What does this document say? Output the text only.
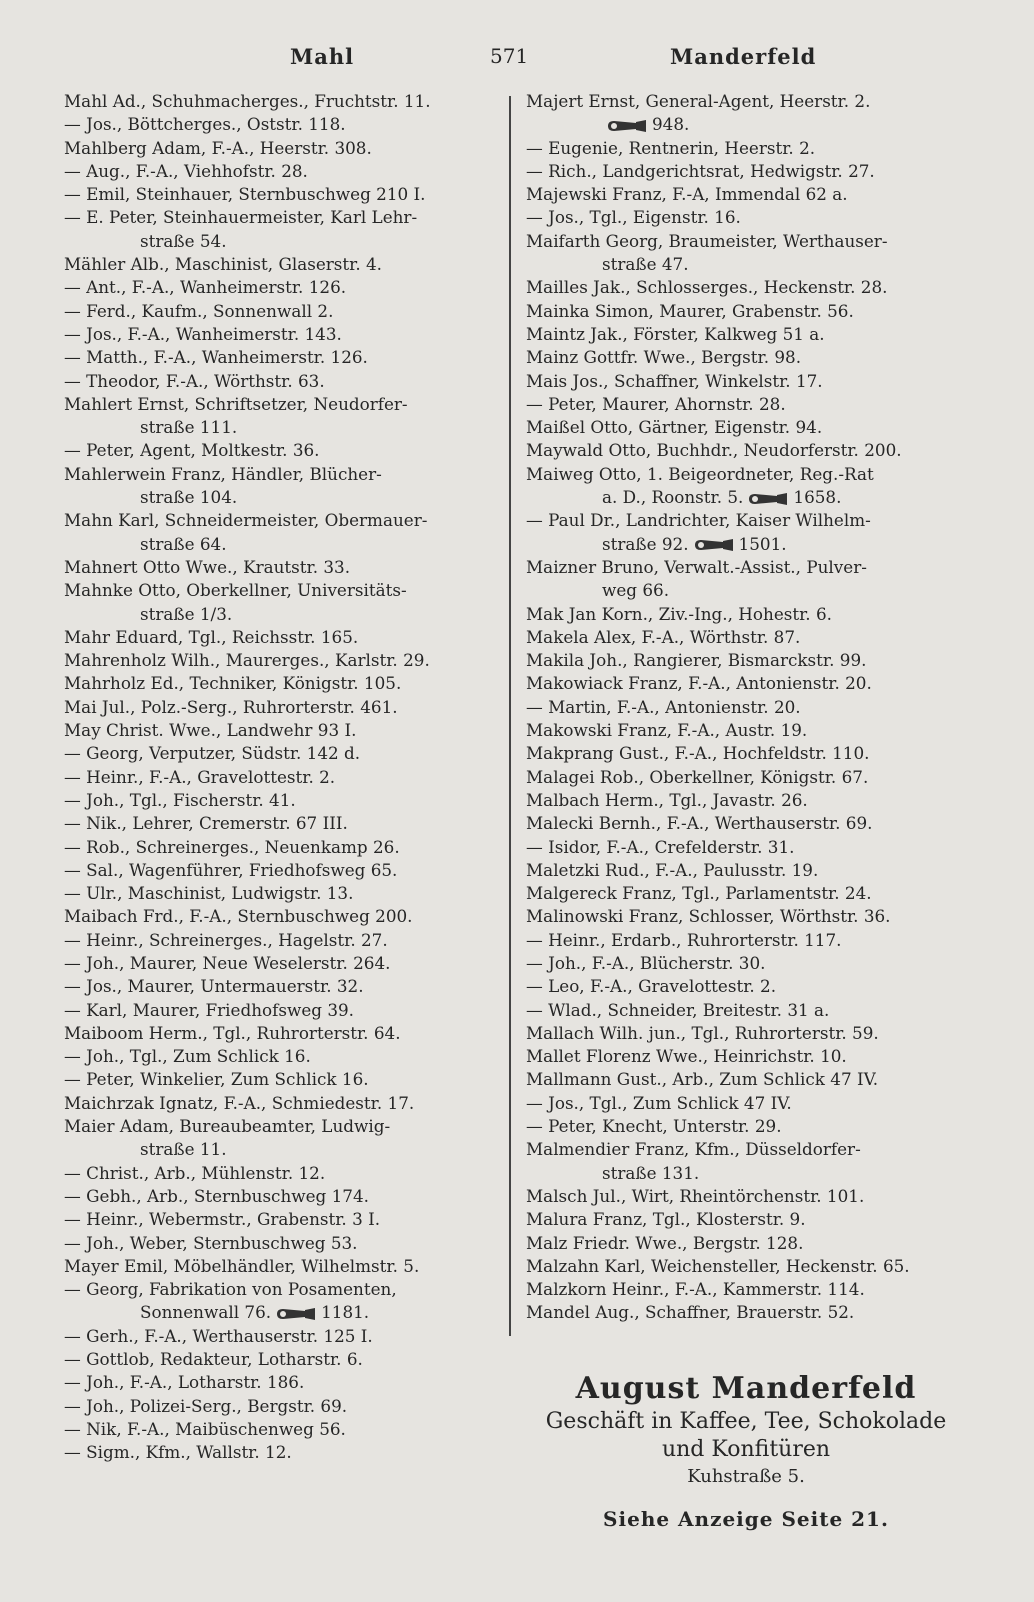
Mahl	571	Manderfeld
Mahl Ad., Schuhmacherges., Fruchtstr. 11.
— Jos., Böttcherges., Oststr. 118.
Mahlberg Adam, F.-A., Heerstr. 308.
— Aug., F.-A., Viehhofstr. 28.
— Emil, Steinhauer, Sternbuschweg 210 I.
— E. Peter, Steinhauermeister, Karl Lehr-
straße 54.
Mähler Alb., Maschinist, Glaserstr. 4.
— Ant., F.-A., Wanheimerstr. 126.
— Ferd., Kaufm., Sonnenwall 2.
— Jos., F.-A., Wanheimerstr. 143.
— Matth., F.-A., Wanheimerstr. 126.
— Theodor, F.-A., Wörthstr. 63.
Mahlert Ernst, Schriftsetzer, Neudorfer-
straße 111.
— Peter, Agent, Moltkestr. 36.
Mahlerwein Franz, Händler, Blücher-
straße 104.
Mahn Karl, Schneidermeister, Obermauer-
straße 64.
Mahnert Otto Wwe., Krautstr. 33.
Mahnke Otto, Oberkellner, Universitäts-
straße 1/3.
Mahr Eduard, Tgl., Reichsstr. 165.
Mahrenholz Wilh., Maurerges., Karlstr. 29.
Mahrholz Ed., Techniker, Königstr. 105.
Mai Jul., Polz.-Serg., Ruhrorterstr. 461.
May Christ. Wwe., Landwehr 93 I.
— Georg, Verputzer, Südstr. 142 d.
— Heinr., F.-A., Gravelottestr. 2.
— Joh., Tgl., Fischerstr. 41.
— Nik., Lehrer, Cremerstr. 67 III.
— Rob., Schreinerges., Neuenkamp 26.
— Sal., Wagenführer, Friedhofsweg 65.
— Ulr., Maschinist, Ludwigstr. 13.
Maibach Frd., F.-A., Sternbuschweg 200.
— Heinr., Schreinerges., Hagelstr. 27.
— Joh., Maurer, Neue Weselerstr. 264.
— Jos., Maurer, Untermauerstr. 32.
— Karl, Maurer, Friedhofsweg 39.
Maiboom Herm., Tgl., Ruhrorterstr. 64.
— Joh., Tgl., Zum Schlick 16.
— Peter, Winkelier, Zum Schlick 16.
Maichrzak Ignatz, F.-A., Schmiedestr. 17.
Maier Adam, Bureaubeamter, Ludwig-
straße 11.
— Christ., Arb., Mühlenstr. 12.
— Gebh., Arb., Sternbuschweg 174.
— Heinr., Webermstr., Grabenstr. 3 I.
— Joh., Weber, Sternbuschweg 53.
Mayer Emil, Möbelhändler, Wilhelmstr. 5.
— Georg, Fabrikation von Posamenten,
Sonnenwall 76.	1181.
— Gerh., F.-A., Werthauserstr. 125 I.
— Gottlob, Redakteur, Lotharstr. 6.
— Joh., F.-A., Lotharstr. 186.
— Joh., Polizei-Serg., Bergstr. 69.
— Nik, F.-A., Maibüschenweg 56.
— Sigm., Kfm., Wallstr. 12.
Majert Ernst, General-Agent, Heerstr. 2.
948.
— Eugenie, Rentnerin, Heerstr. 2.
— Rich., Landgerichtsrat, Hedwigstr. 27.
Majewski Franz, F.-A, Immendal 62 a.
— Jos., Tgl., Eigenstr. 16.
Maifarth Georg, Braumeister, Werthauser-
straße 47.
Mailles Jak., Schlosserges., Heckenstr. 28.
Mainka Simon, Maurer, Grabenstr. 56.
Maintz Jak., Förster, Kalkweg 51 a.
Mainz Gottfr. Wwe., Bergstr. 98.
Mais Jos., Schaffner, Winkelstr. 17.
— Peter, Maurer, Ahornstr. 28.
Maißel Otto, Gärtner, Eigenstr. 94.
Maywald Otto, Buchhdr., Neudorferstr. 200.
Maiweg Otto, 1. Beigeordneter, Reg.-Rat
a. D., Roonstr. 5.	1658.
— Paul Dr., Landrichter, Kaiser Wilhelm-
straße 92.	1501.
Maizner Bruno, Verwalt.-Assist., Pulver-
weg 66.
Mak Jan Korn., Ziv.-Ing., Hohestr. 6.
Makela Alex, F.-A., Wörthstr. 87.
Makila Joh., Rangierer, Bismarckstr. 99.
Makowiack Franz, F.-A., Antonienstr. 20.
— Martin, F.-A., Antonienstr. 20.
Makowski Franz, F.-A., Austr. 19.
Makprang Gust., F.-A., Hochfeldstr. 110.
Malagei Rob., Oberkellner, Königstr. 67.
Malbach Herm., Tgl., Javastr. 26.
Malecki Bernh., F.-A., Werthauserstr. 69.
— Isidor, F.-A., Crefelderstr. 31.
Maletzki Rud., F.-A., Paulusstr. 19.
Malgereck Franz, Tgl., Parlamentstr. 24.
Malinowski Franz, Schlosser, Wörthstr. 36.
— Heinr., Erdarb., Ruhrorterstr. 117.
— Joh., F.-A., Blücherstr. 30.
— Leo, F.-A., Gravelottestr. 2.
— Wlad., Schneider, Breitestr. 31 a.
Mallach Wilh. jun., Tgl., Ruhrorterstr. 59.
Mallet Florenz Wwe., Heinrichstr. 10.
Mallmann Gust., Arb., Zum Schlick 47 IV.
— Jos., Tgl., Zum Schlick 47 IV.
— Peter, Knecht, Unterstr. 29.
Malmendier Franz, Kfm., Düsseldorfer-
straße 131.
Malsch Jul., Wirt, Rheintörchenstr. 101.
Malura Franz, Tgl., Klosterstr. 9.
Malz Friedr. Wwe., Bergstr. 128.
Malzahn Karl, Weichensteller, Heckenstr. 65.
Malzkorn Heinr., F.-A., Kammerstr. 114.
Mandel Aug., Schaffner, Brauerstr. 52.
August Manderfeld
Geschäft in Kaffee, Tee, Schokolade
und Konfitüren
Kuhstraße 5.
Siehe Anzeige Seite 21.
